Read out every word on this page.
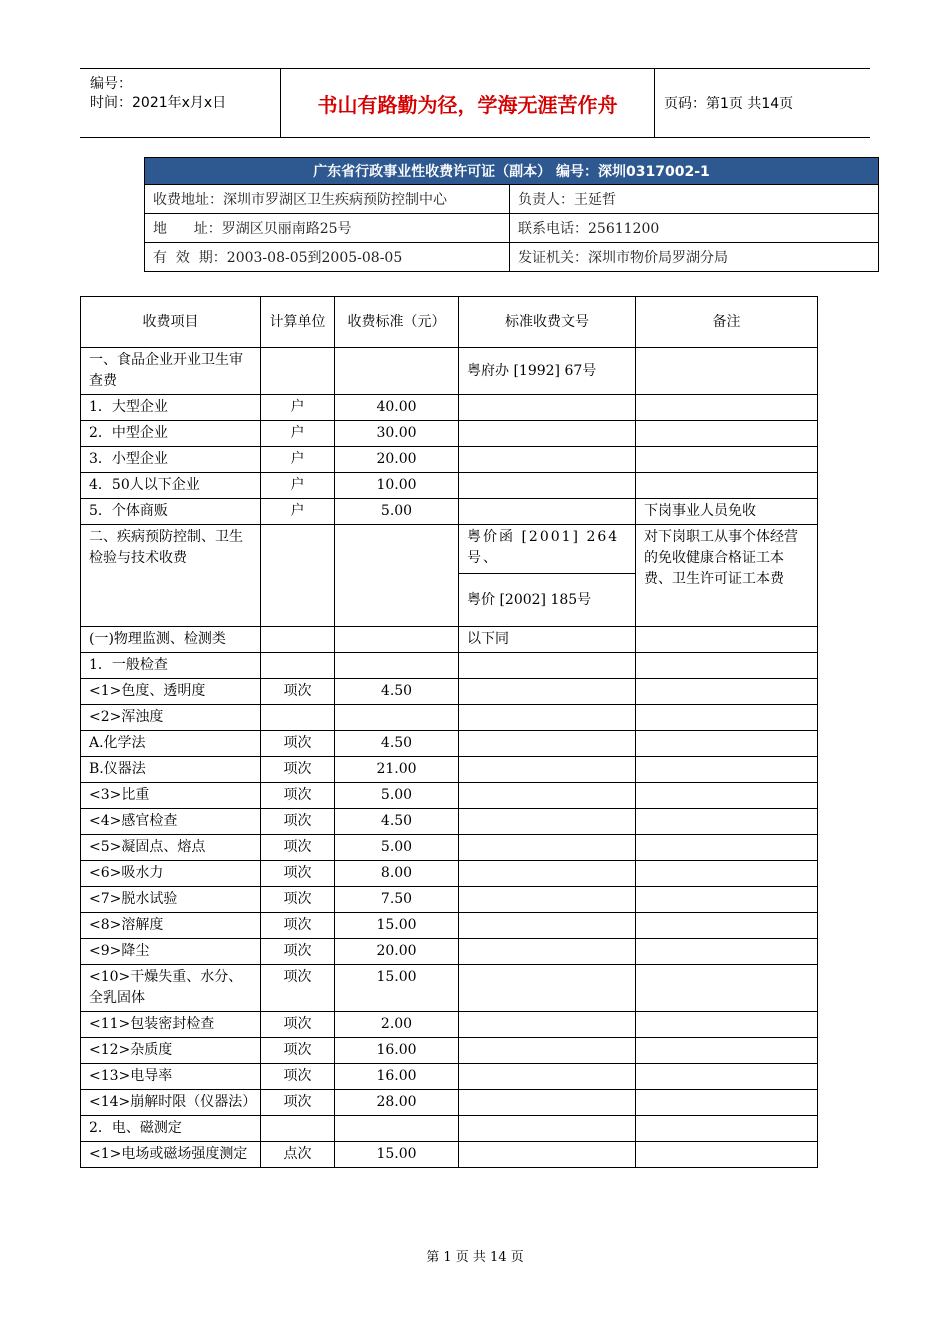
编号：
时间：2021年x月x日	书山有路勤为径，学海无涯苦作舟	页码：第1页 共14页
广东省行政事业性收费许可证（副本） 编号：深圳0317002-1	
收费地址：深圳市罗湖区卫生疾病预防控制中心	负责人：王延哲
地      址：罗湖区贝丽南路25号	联系电话：25611200
有  效  期：2003-08-05到2005-08-05	发证机关：深圳市物价局罗湖分局
收费项目	计算单位	收费标准（元）	标准收费文号	备注
一、食品企业开业卫生审查费			粤府办 [1992] 67号	
1．大型企业	户	40.00		
2．中型企业	户	30.00		
3．小型企业	户	20.00		
4．50人以下企业	户	10.00		
5．个体商贩	户	5.00		下岗事业人员免收
二、疾病预防控制、卫生检验与技术收费			粤价函 [2001] 264号、	对下岗职工从事个体经营的免收健康合格证工本费、卫生许可证工本费
			粤价 [2002] 185号	
(一)物理监测、检测类			以下同	
1．一般检查				
<1>色度、透明度	项次	4.50		
<2>浑浊度				
A.化学法	项次	4.50		
B.仪器法	项次	21.00		
<3>比重	项次	5.00		
<4>感官检查	项次	4.50		
<5>凝固点、熔点	项次	5.00		
<6>吸水力	项次	8.00		
<7>脱水试验	项次	7.50		
<8>溶解度	项次	15.00		
<9>降尘	项次	20.00		
<10>干燥失重、水分、全乳固体	项次	15.00		
<11>包装密封检查	项次	2.00		
<12>杂质度	项次	16.00		
<13>电导率	项次	16.00		
<14>崩解时限（仪器法）	项次	28.00		
2．电、磁测定				
<1>电场或磁场强度测定	点次	15.00		
第 1 页 共 14 页
